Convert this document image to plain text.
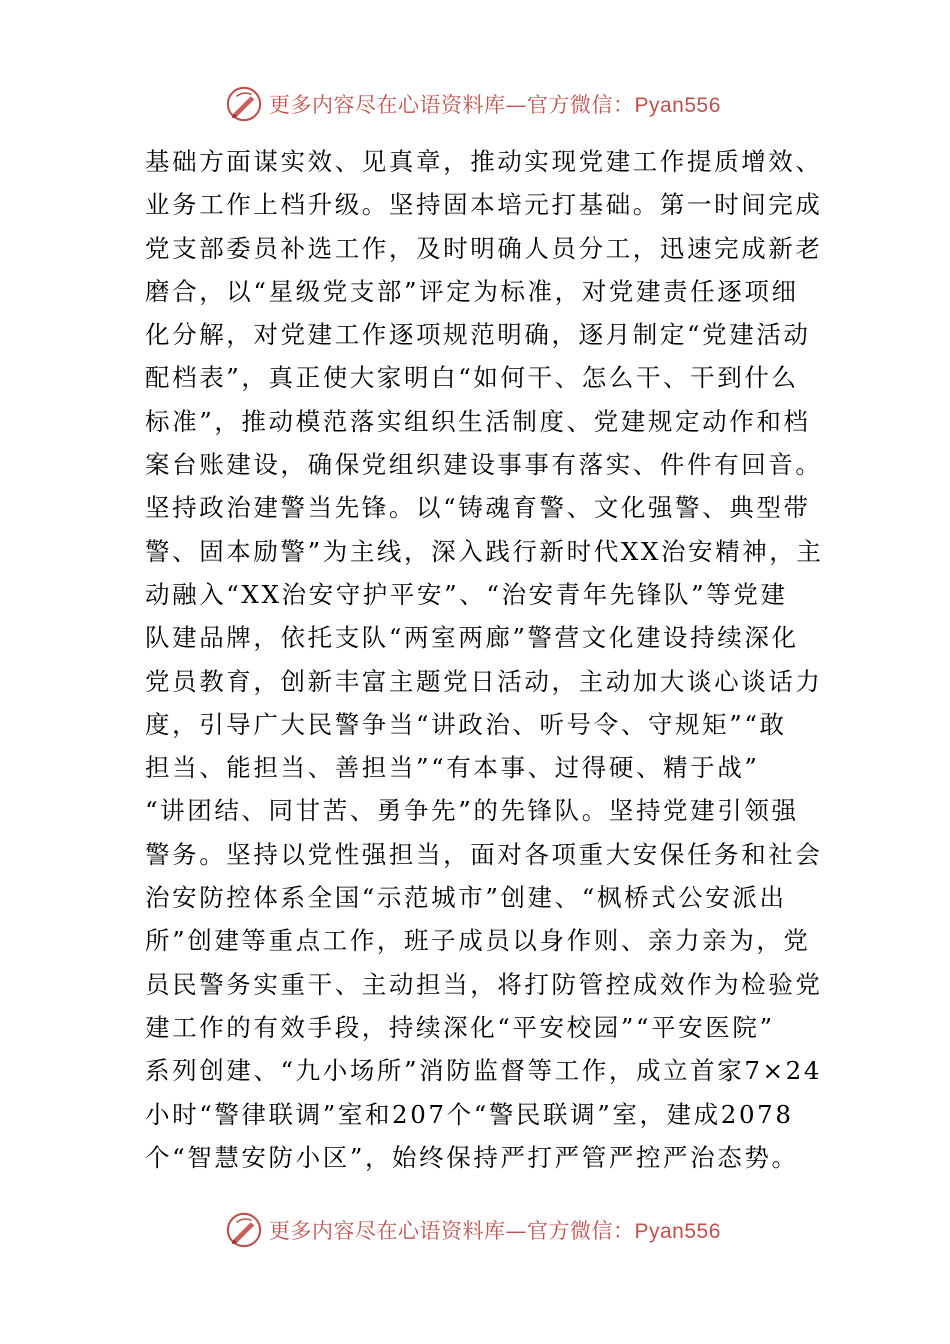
更多内容尽在心语资料库—官方微信：Pyan556
基础方面谋实效、见真章，推动实现党建工作提质增效、
业务工作上档升级。坚持固本培元打基础。第一时间完成
党支部委员补选工作，及时明确人员分工，迅速完成新老
磨合，以“星级党支部”评定为标准，对党建责任逐项细
化分解，对党建工作逐项规范明确，逐月制定“党建活动
配档表”，真正使大家明白“如何干、怎么干、干到什么
标准”，推动模范落实组织生活制度、党建规定动作和档
案台账建设，确保党组织建设事事有落实、件件有回音。
坚持政治建警当先锋。以“铸魂育警、文化强警、典型带
警、固本励警”为主线，深入践行新时代XX治安精神，主
动融入“XX治安守护平安”、“治安青年先锋队”等党建
队建品牌，依托支队“两室两廊”警营文化建设持续深化
党员教育，创新丰富主题党日活动，主动加大谈心谈话力
度，引导广大民警争当“讲政治、听号令、守规矩”“敢
担当、能担当、善担当”“有本事、过得硬、精于战”
“讲团结、同甘苦、勇争先”的先锋队。坚持党建引领强
警务。坚持以党性强担当，面对各项重大安保任务和社会
治安防控体系全国“示范城市”创建、“枫桥式公安派出
所”创建等重点工作，班子成员以身作则、亲力亲为，党
员民警务实重干、主动担当，将打防管控成效作为检验党
建工作的有效手段，持续深化“平安校园”“平安医院”
系列创建、“九小场所”消防监督等工作，成立首家7×24
小时“警律联调”室和207个“警民联调”室，建成2078
个“智慧安防小区”，始终保持严打严管严控严治态势。
更多内容尽在心语资料库—官方微信：Pyan556
